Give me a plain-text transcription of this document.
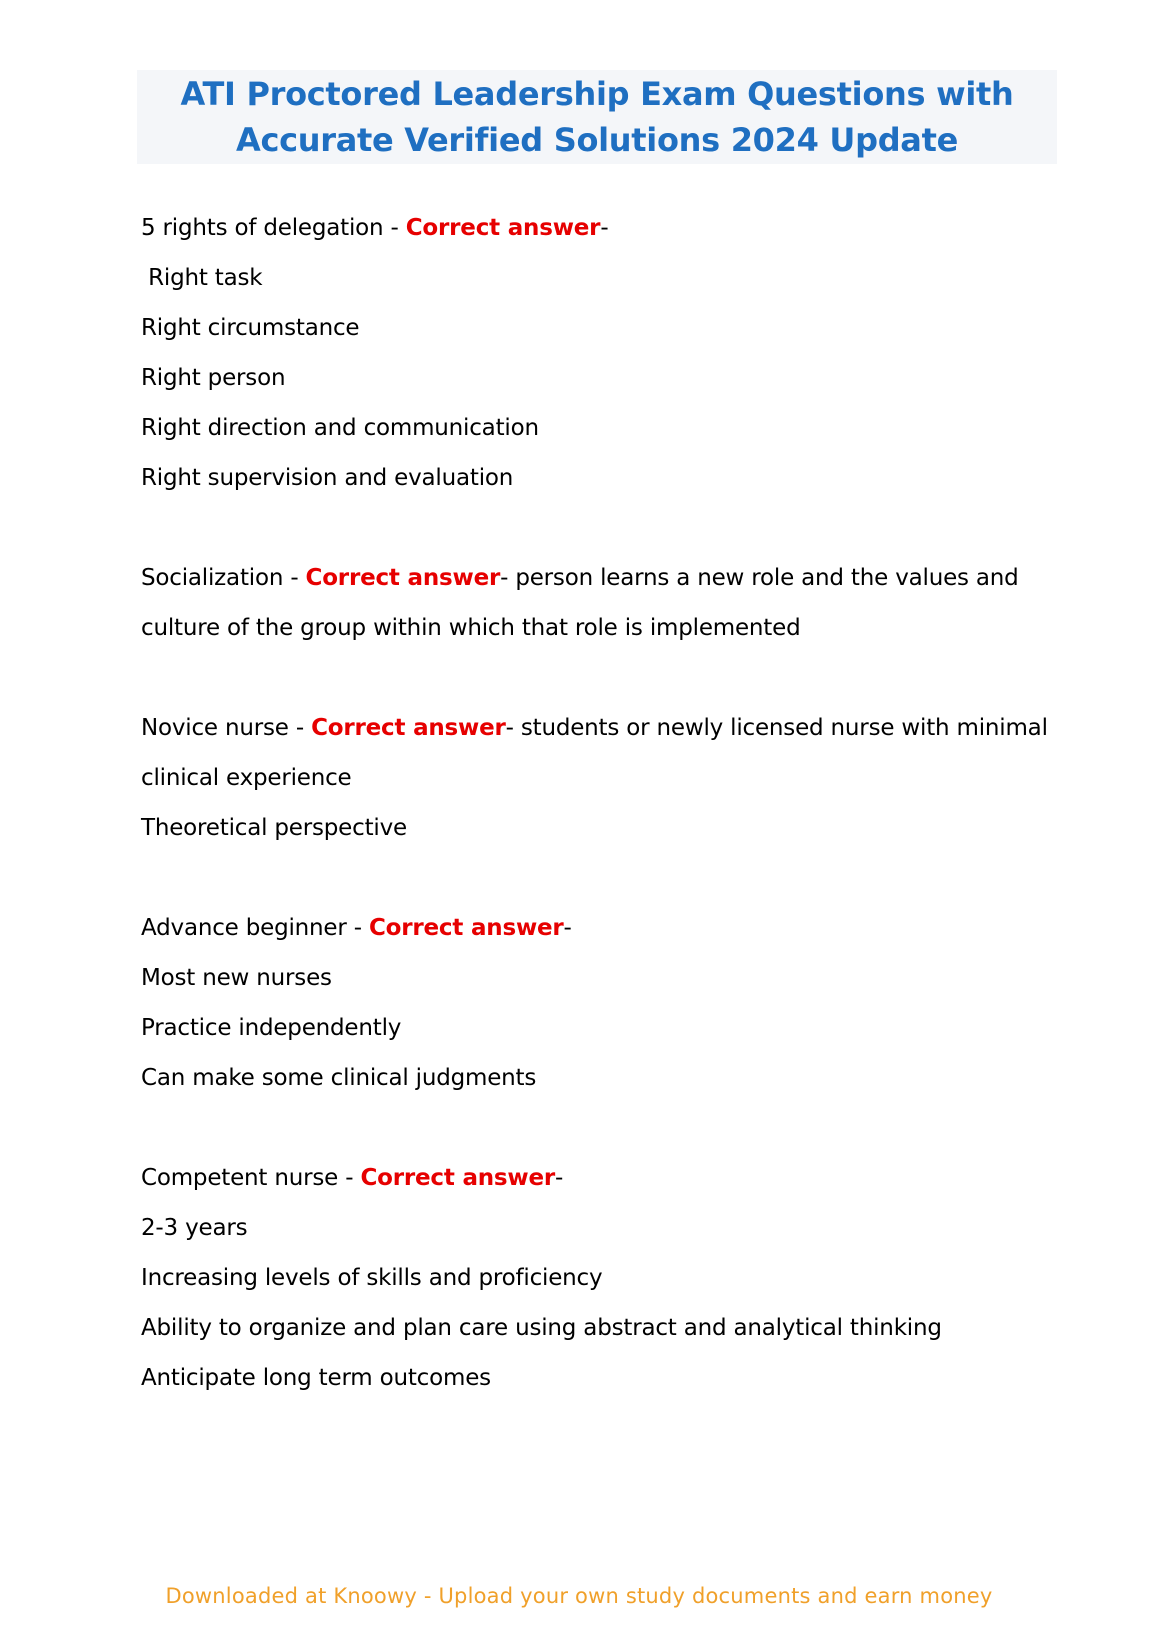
ATI Proctored Leadership Exam Questions with
Accurate Verified Solutions 2024 Update
5 rights of delegation - Correct answer-
Right task
Right circumstance
Right person
Right direction and communication
Right supervision and evaluation
Socialization - Correct answer- person learns a new role and the values and
culture of the group within which that role is implemented
Novice nurse - Correct answer- students or newly licensed nurse with minimal
clinical experience
Theoretical perspective
Advance beginner - Correct answer-
Most new nurses
Practice independently
Can make some clinical judgments
Competent nurse - Correct answer-
2-3 years
Increasing levels of skills and proficiency
Ability to organize and plan care using abstract and analytical thinking
Anticipate long term outcomes
Downloaded at Knoowy - Upload your own study documents and earn money
